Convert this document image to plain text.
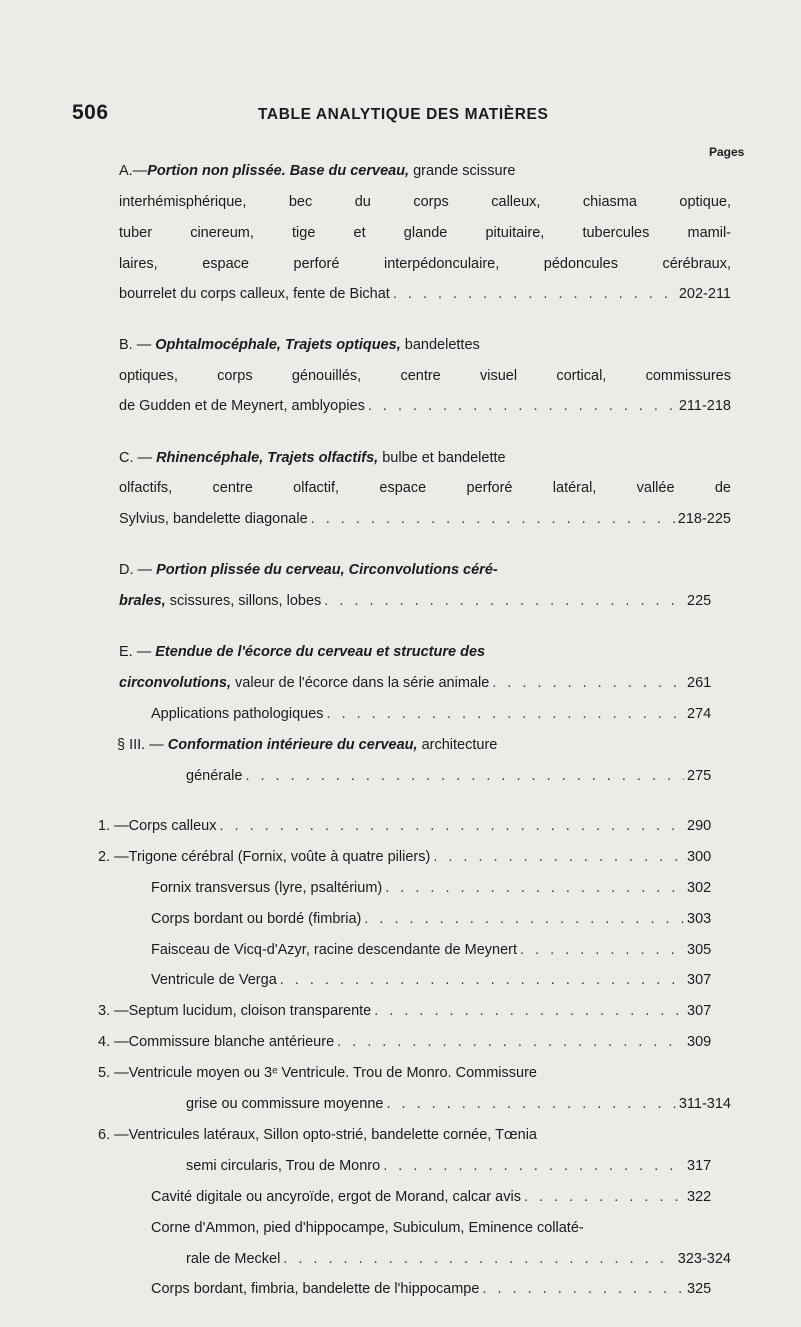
506	TABLE ANALYTIQUE DES MATIÈRES
Pages
A.—Portion non plissée. Base du cerveau, grande scissure
interhémisphérique, bec du corps calleux, chiasma optique,
tuber cinereum, tige et glande pituitaire, tubercules mamil-
laires, espace perforé interpédonculaire, pédoncules cérébraux,
bourrelet du corps calleux, fente de Bichat . . .	202-211
B. — Ophtalmocéphale, Trajets optiques, bandelettes
optiques, corps génouillés, centre visuel cortical, commissures
de Gudden et de Meynert, amblyopies . . .	211-218
C. — Rhinencéphale, Trajets olfactifs, bulbe et bandelette
olfactifs, centre olfactif, espace perforé latéral, vallée de
Sylvius, bandelette diagonale . . .	218-225
D. — Portion plissée du cerveau, Circonvolutions céré-
brales, scissures, sillons, lobes . . .	225
E. — Etendue de l'écorce du cerveau et structure des
circonvolutions, valeur de l'écorce dans la série animale . . .	261
Applications pathologiques . . .	274
§ III. — Conformation intérieure du cerveau, architecture
générale . . .	275
1. —Corps calleux . . .	290
2. —Trigone cérébral (Fornix, voûte à quatre piliers) . . .	300
Fornix transversus (lyre, psaltérium) . . .	302
Corps bordant ou bordé (fimbria) . . .	303
Faisceau de Vicq-d'Azyr, racine descendante de Meynert . . .	305
Ventricule de Verga . . .	307
3. —Septum lucidum, cloison transparente . . .	307
4. —Commissure blanche antérieure . . .	309
5. —Ventricule moyen ou 3ᵉ Ventricule. Trou de Monro. Commissure
grise ou commissure moyenne . . .	311-314
6. —Ventricules latéraux, Sillon opto-strié, bandelette cornée, Tœnia
semi circularis, Trou de Monro . . .	317
Cavité digitale ou ancyroïde, ergot de Morand, calcar avis . . .	322
Corne d'Ammon, pied d'hippocampe, Subiculum, Eminence collaté-
rale de Meckel . . .	323-324
Corps bordant, fimbria, bandelette de l'hippocampe . . .	325
